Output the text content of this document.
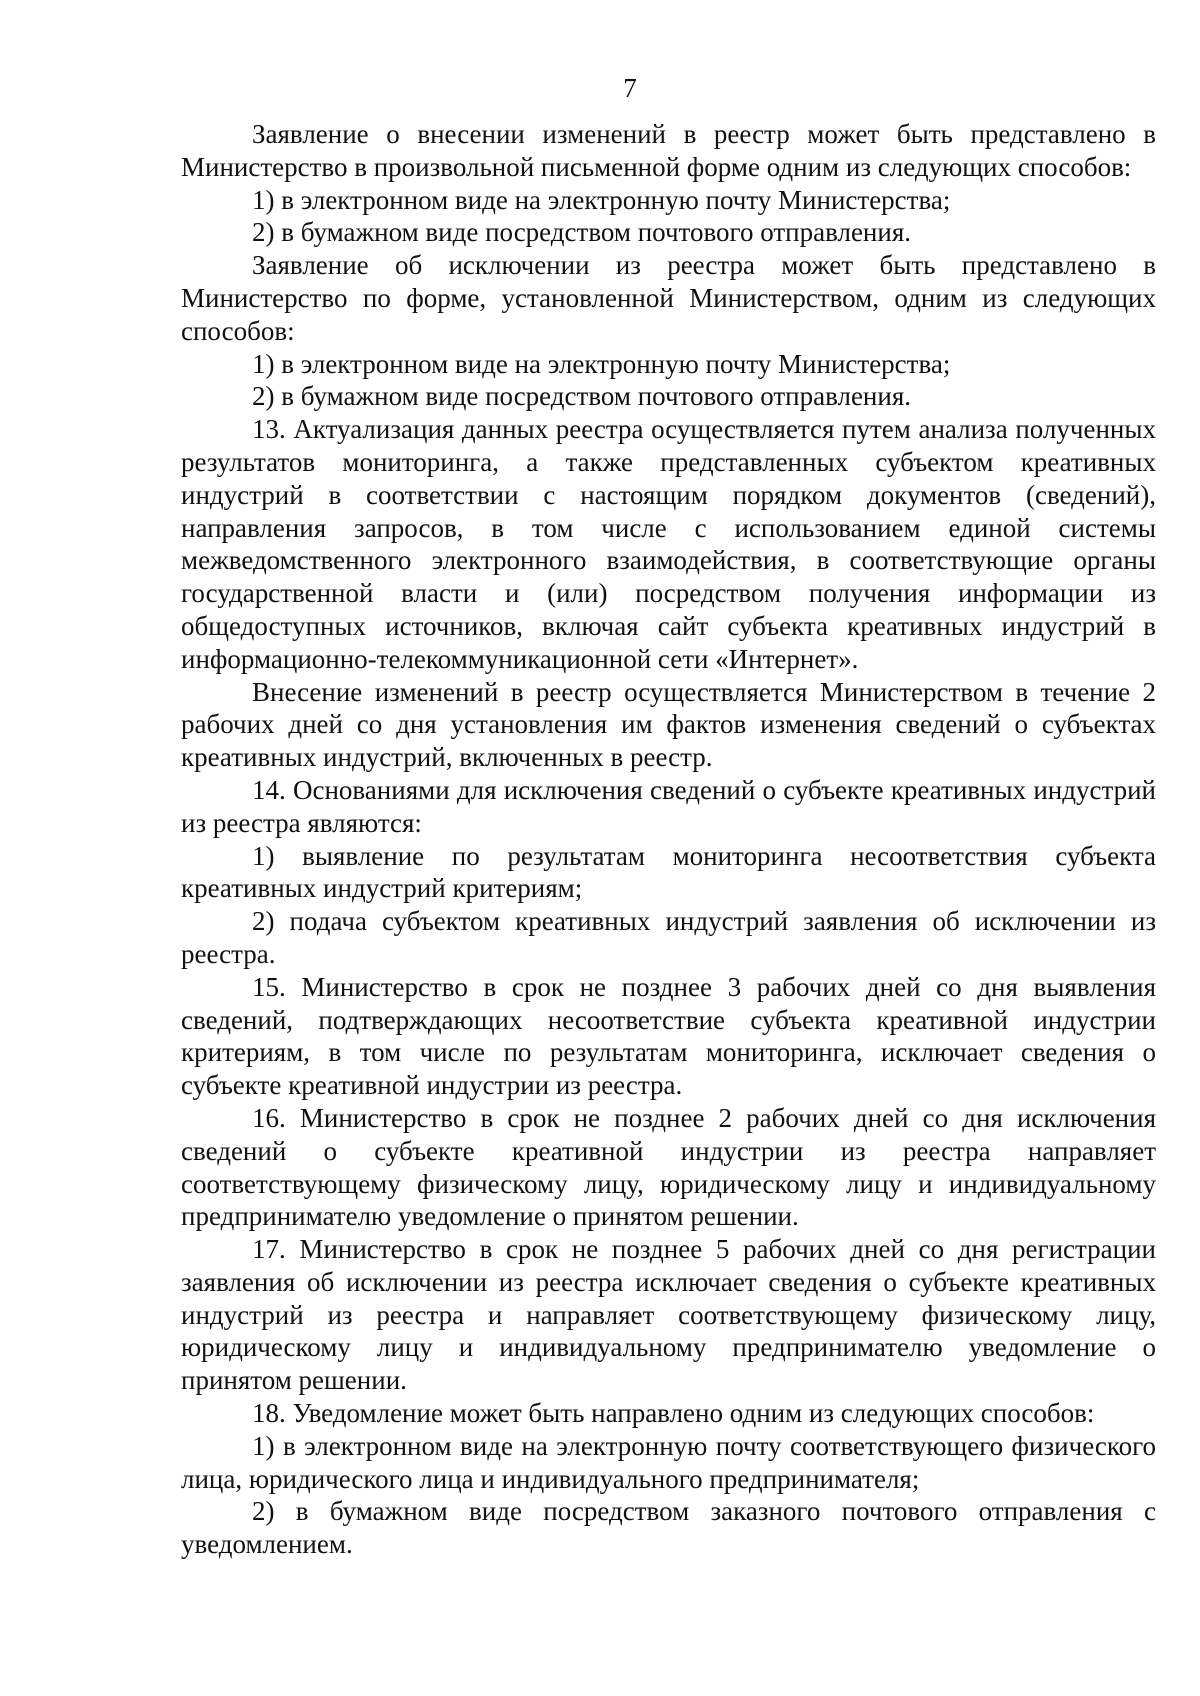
7

Заявление о внесении изменений в реестр может быть представлено в Министерство в произвольной письменной форме одним из следующих способов:

1) в электронном виде на электронную почту Министерства;

2) в бумажном виде посредством почтового отправления.

Заявление об исключении из реестра может быть представлено в Министерство по форме, установленной Министерством, одним из следующих способов:

1) в электронном виде на электронную почту Министерства;

2) в бумажном виде посредством почтового отправления.

13. Актуализация данных реестра осуществляется путем анализа полученных результатов мониторинга, а также представленных субъектом креативных индустрий в соответствии с настоящим порядком документов (сведений), направления запросов, в том числе с использованием единой системы межведомственного электронного взаимодействия, в соответствующие органы государственной власти и (или) посредством получения информации из общедоступных источников, включая сайт субъекта креативных индустрий в информационно-телекоммуникационной сети «Интернет».

Внесение изменений в реестр осуществляется Министерством в течение 2 рабочих дней со дня установления им фактов изменения сведений о субъектах креативных индустрий, включенных в реестр.

14. Основаниями для исключения сведений о субъекте креативных индустрий из реестра являются:

1) выявление по результатам мониторинга несоответствия субъекта креативных индустрий критериям;

2) подача субъектом креативных индустрий заявления об исключении из реестра.

15. Министерство в срок не позднее 3 рабочих дней со дня выявления сведений, подтверждающих несоответствие субъекта креативной индустрии критериям, в том числе по результатам мониторинга, исключает сведения о субъекте креативной индустрии из реестра.

16. Министерство в срок не позднее 2 рабочих дней со дня исключения сведений о субъекте креативной индустрии из реестра направляет соответствующему физическому лицу, юридическому лицу и индивидуальному предпринимателю уведомление о принятом решении.

17. Министерство в срок не позднее 5 рабочих дней со дня регистрации заявления об исключении из реестра исключает сведения о субъекте креативных индустрий из реестра и направляет соответствующему физическому лицу, юридическому лицу и индивидуальному предпринимателю уведомление о принятом решении.

18. Уведомление может быть направлено одним из следующих способов:

1) в электронном виде на электронную почту соответствующего физического лица, юридического лица и индивидуального предпринимателя;

2) в бумажном виде посредством заказного почтового отправления с уведомлением.
